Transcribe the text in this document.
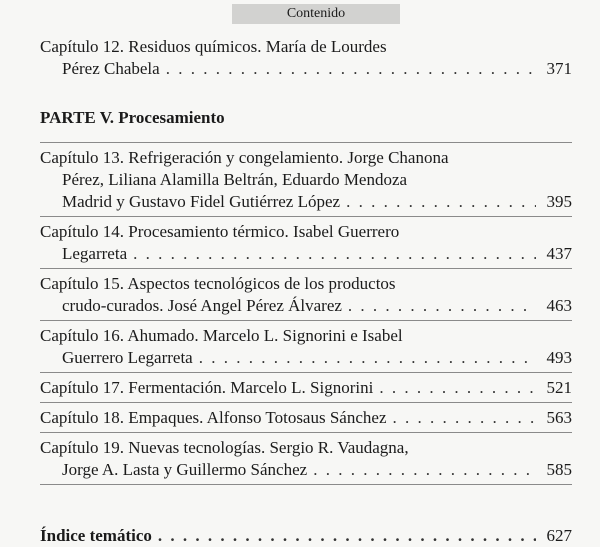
Contenido
Capítulo 12. Residuos químicos. María de Lourdes
Pérez Chabela . . .	371
PARTE V. Procesamiento
Capítulo 13. Refrigeración y congelamiento. Jorge Chanona
Pérez, Liliana Alamilla Beltrán, Eduardo Mendoza
Madrid y Gustavo Fidel Gutiérrez López . . .	395
Capítulo 14. Procesamiento térmico. Isabel Guerrero
Legarreta . . .	437
Capítulo 15. Aspectos tecnológicos de los productos
crudo-curados. José Angel Pérez Álvarez . . .	463
Capítulo 16. Ahumado. Marcelo L. Signorini e Isabel
Guerrero Legarreta . . .	493
Capítulo 17. Fermentación. Marcelo L. Signorini . . .	521
Capítulo 18. Empaques. Alfonso Totosaus Sánchez . . .	563
Capítulo 19. Nuevas tecnologías. Sergio R. Vaudagna,
Jorge A. Lasta y Guillermo Sánchez . . .	585
Índice temático . . .	627
